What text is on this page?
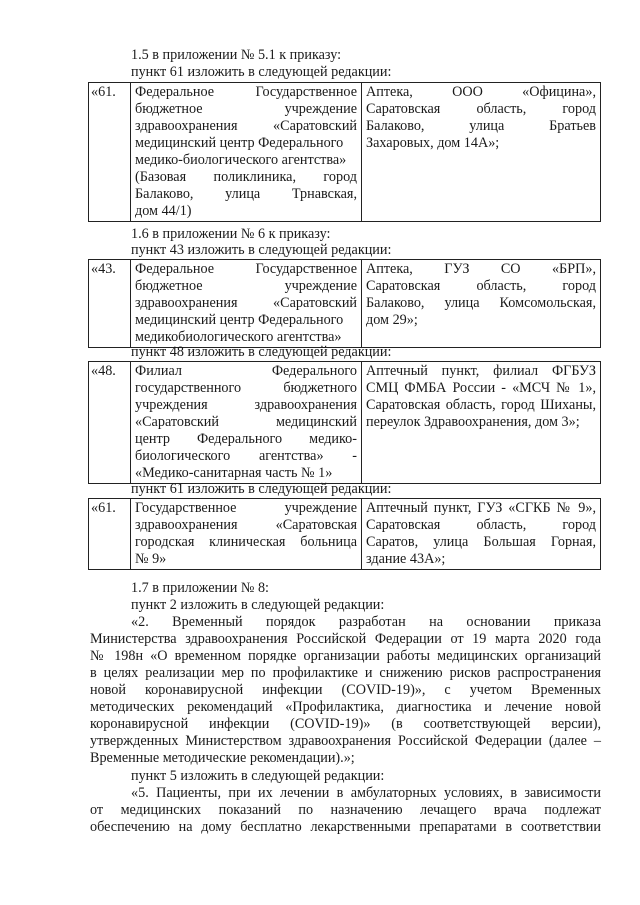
1.5 в приложении № 5.1 к приказу:
пункт 61 изложить в следующей редакции:
«61.	Федеральное Государственное
бюджетное учреждение
здравоохранения «Саратовский
медицинский центр Федерального
медико-биологического агентства»
(Базовая поликлиника, город
Балаково, улица Трнавская,
дом 44/1)

Аптека, ООО «Официна»,
Саратовская область, город
Балаково, улица Братьев
Захаровых, дом 14А»;
1.6 в приложении № 6 к приказу:
пункт 43 изложить в следующей редакции:
«43.	Федеральное Государственное
бюджетное учреждение
здравоохранения «Саратовский
медицинский центр Федерального
медикобиологического агентства»

Аптека, ГУЗ СО «БРП»,
Саратовская область, город
Балаково, улица Комсомольская,
дом 29»;
пункт 48 изложить в следующей редакции:
«48.	Филиал Федерального
государственного бюджетного
учреждения здравоохранения
«Саратовский медицинский
центр Федерального медико-
биологического агентства» -
«Медико-санитарная часть № 1»

Аптечный пункт, филиал ФГБУЗ
СМЦ ФМБА России - «МСЧ № 1»,
Саратовская область, город Шиханы,
переулок Здравоохранения, дом 3»;
пункт 61 изложить в следующей редакции:
«61.	Государственное учреждение
здравоохранения «Саратовская
городская клиническая больница
№ 9»

Аптечный пункт, ГУЗ «СГКБ № 9»,
Саратовская область, город
Саратов, улица Большая Горная,
здание 43А»;
1.7 в приложении № 8:
пункт 2 изложить в следующей редакции:
«2. Временный порядок разработан на основании приказа
Министерства здравоохранения Российской Федерации от 19 марта 2020 года
№ 198н «О временном порядке организации работы медицинских организаций
в целях реализации мер по профилактике и снижению рисков распространения
новой коронавирусной инфекции (COVID-19)», с учетом Временных
методических рекомендаций «Профилактика, диагностика и лечение новой
коронавирусной инфекции (COVID-19)» (в соответствующей версии),
утвержденных Министерством здравоохранения Российской Федерации (далее –
Временные методические рекомендации).»;
пункт 5 изложить в следующей редакции:
«5. Пациенты, при их лечении в амбулаторных условиях, в зависимости
от медицинских показаний по назначению лечащего врача подлежат
обеспечению на дому бесплатно лекарственными препаратами в соответствии
